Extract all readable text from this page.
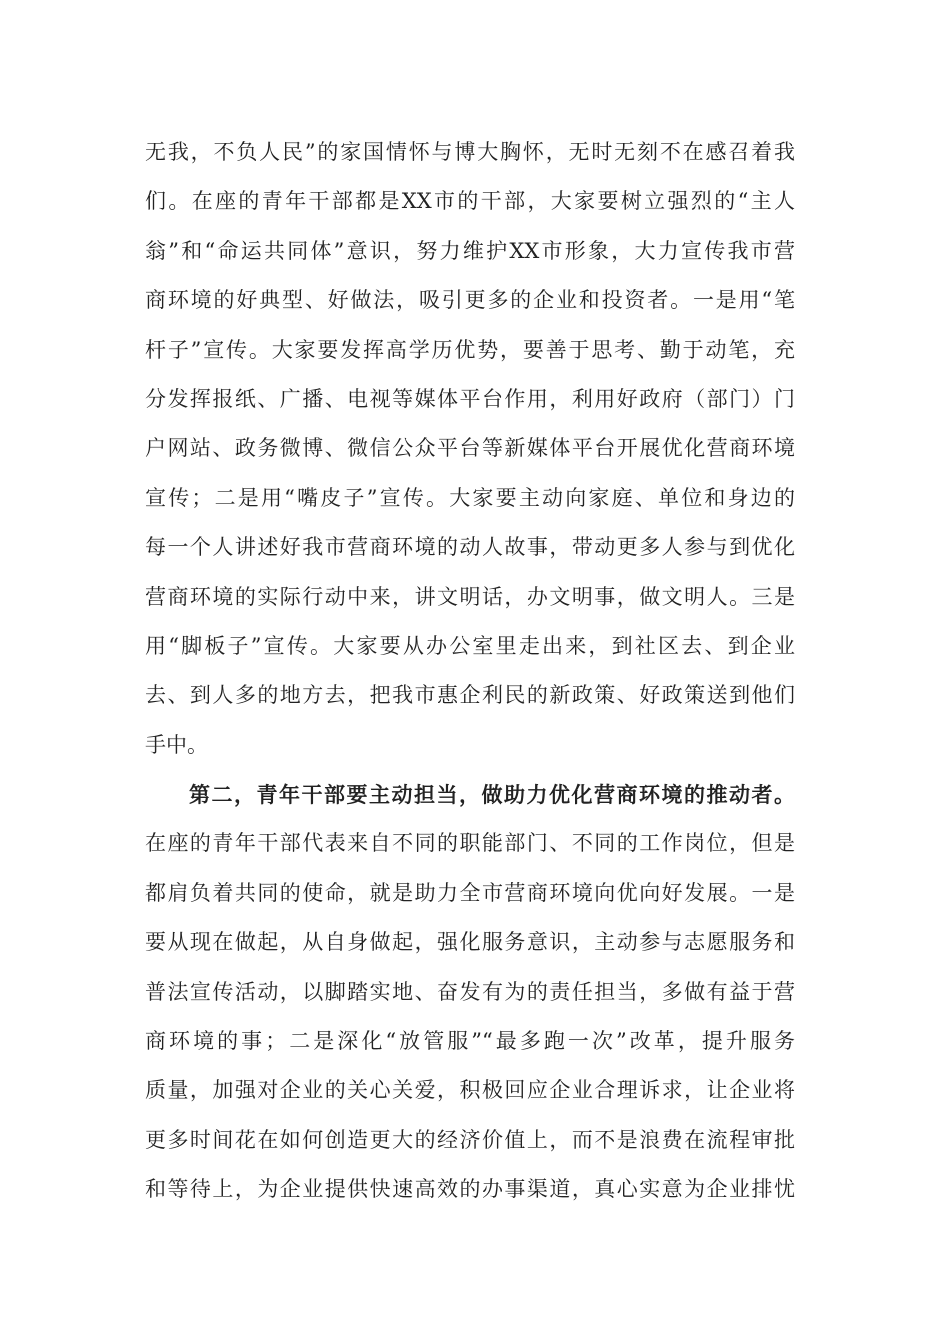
无我，不负人民”的家国情怀与博大胸怀，无时无刻不在感召着我
们。在座的青年干部都是XX市的干部，大家要树立强烈的“主人
翁”和“命运共同体”意识，努力维护XX市形象，大力宣传我市营
商环境的好典型、好做法，吸引更多的企业和投资者。一是用“笔
杆子”宣传。大家要发挥高学历优势，要善于思考、勤于动笔，充
分发挥报纸、广播、电视等媒体平台作用，利用好政府（部门）门
户网站、政务微博、微信公众平台等新媒体平台开展优化营商环境
宣传；二是用“嘴皮子”宣传。大家要主动向家庭、单位和身边的
每一个人讲述好我市营商环境的动人故事，带动更多人参与到优化
营商环境的实际行动中来，讲文明话，办文明事，做文明人。三是
用“脚板子”宣传。大家要从办公室里走出来，到社区去、到企业
去、到人多的地方去，把我市惠企利民的新政策、好政策送到他们
手中。
第二，青年干部要主动担当，做助力优化营商环境的推动者。
在座的青年干部代表来自不同的职能部门、不同的工作岗位，但是
都肩负着共同的使命，就是助力全市营商环境向优向好发展。一是
要从现在做起，从自身做起，强化服务意识，主动参与志愿服务和
普法宣传活动，以脚踏实地、奋发有为的责任担当，多做有益于营
商环境的事；二是深化“放管服”“最多跑一次”改革，提升服务
质量，加强对企业的关心关爱，积极回应企业合理诉求，让企业将
更多时间花在如何创造更大的经济价值上，而不是浪费在流程审批
和等待上，为企业提供快速高效的办事渠道，真心实意为企业排忧
